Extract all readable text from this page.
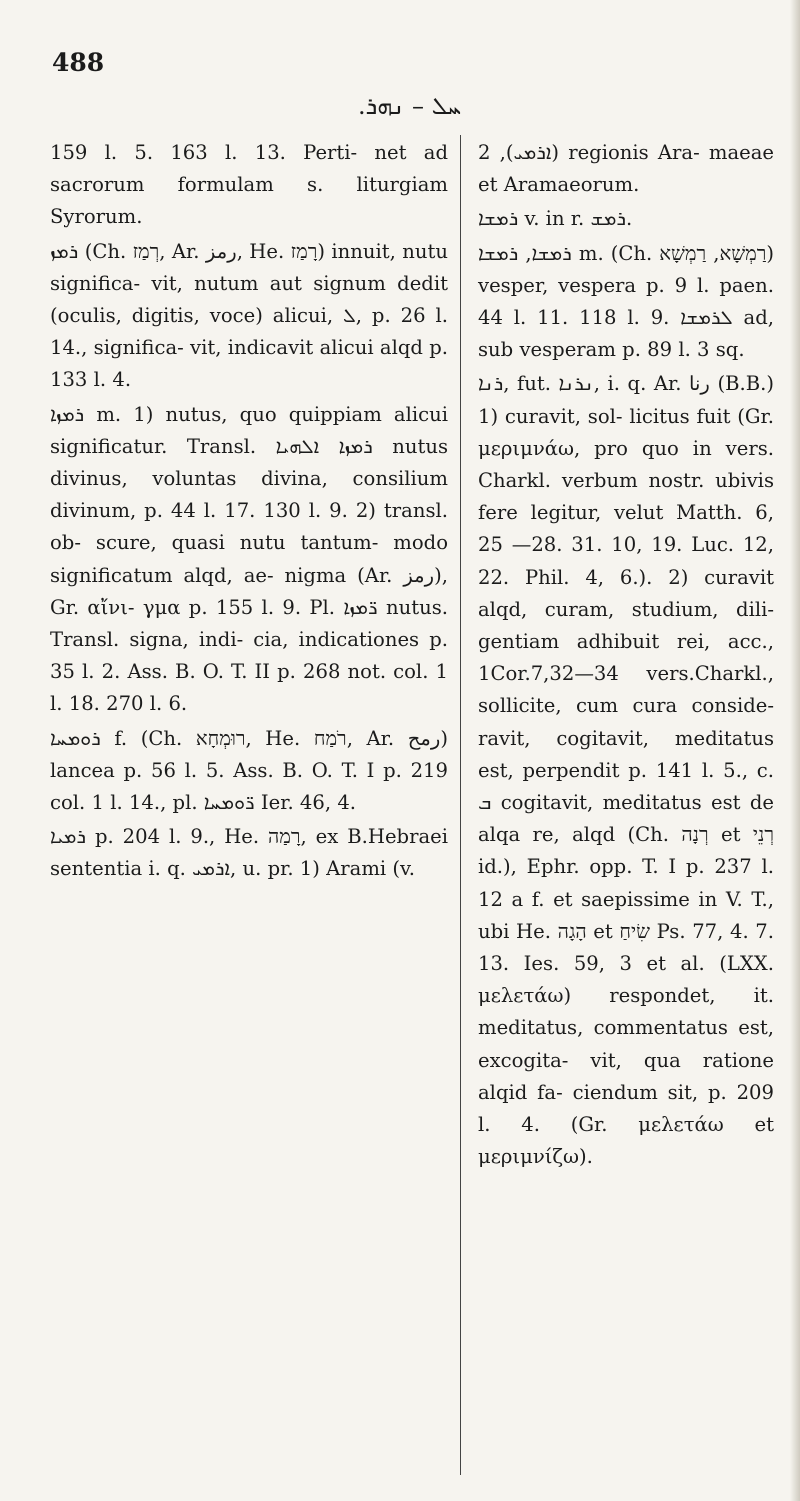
488
.ܚܠ – ܢܗܪ

159 l. 5. 163 l. 13. Perti- net ad sacrorum formulam s. liturgiam Syrorum.

ܪܡܙ (Ch. רְמַז, Ar. رمز, He. רָמַז) innuit, nutu significa- vit, nutum aut signum dedit (oculis, digitis, voce) alicui, ܠ, p. 26 l. 14., significa- vit, indicavit alicui alqd p. 133 l. 4.

ܪܡܙܐ m. 1) nutus, quo quippiam alicui significatur. Transl. ܪܡܙܐ ܐܠܗܝܐ nutus divinus, voluntas divina, consilium divinum, p. 44 l. 17. 130 l. 9. 2) transl. ob- scure, quasi nutu tantum- modo significatum alqd, ae- nigma (Ar. رمز), Gr. αἴνι- γμα p. 155 l. 9. Pl. ܪ̈ܡܙܐ nutus. Transl. signa, indi- cia, indicationes p. 35 l. 2. Ass. B. O. T. II p. 268 not. col. 1 l. 18. 270 l. 6.

ܪܘܡܚܐ f. (Ch. רוּמְחָא, He. רֹמַח, Ar. رمح) lancea p. 56 l. 5. Ass. B. O. T. I p. 219 col. 1 l. 14., pl. ܪ̈ܘܡܚܐ Ier. 46, 4.

ܪܡܝܐ p. 204 l. 9., He. רָמַה, ex B.Hebraei sententia i. q. ܐܪܡܝ, u. pr. 1) Arami (v.

ܐܪܡܝ), 2) regionis Ara- maeae et Aramaeorum.

ܪܡܫܐ v. in r. ܪܡܫ.

ܪܡܫܐ, ܪܡܫܐ m. (Ch. רַמְשָׁא, רַמְשָׁא) vesper, vespera p. 9 l. paen. 44 l. 11. 118 l. 9. ܠܪܡܫܐ ad, sub vesperam p. 89 l. 3 sq.

ܪܢܐ, fut. ܢܪܢܐ, i. q. Ar. رنا (B.B.) 1) curavit, sol- licitus fuit (Gr. μεριμνάω, pro quo in vers. Charkl. verbum nostr. ubivis fere legitur, velut Matth. 6, 25 —28. 31. 10, 19. Luc. 12, 22. Phil. 4, 6.). 2) curavit alqd, curam, studium, dili- gentiam adhibuit rei, acc., 1Cor.7,32—34 vers.Charkl., sollicite, cum cura conside- ravit, cogitavit, meditatus est, perpendit p. 141 l. 5., c. ܒ cogitavit, meditatus est de alqa re, alqd (Ch. רְנָה et רְנֵי id.), Ephr. opp. T. I p. 237 l. 12 a f. et saepissime in V. T., ubi He. הָגָה et שִׂיחַ Ps. 77, 4. 7. 13. Ies. 59, 3 et al. (LXX. μελετάω) respondet, it. meditatus, commentatus est, excogita- vit, qua ratione alqid fa- ciendum sit, p. 209 l. 4. (Gr. μελετάω et μεριμνίζω).
